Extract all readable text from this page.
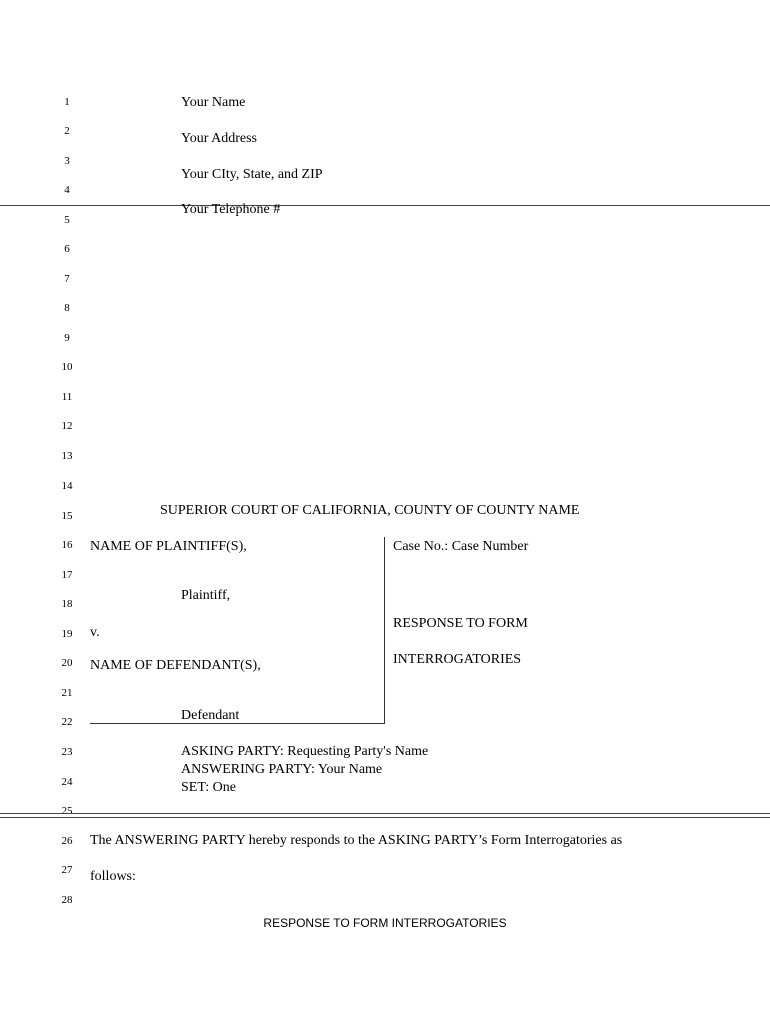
1
2
3
4
5
6
7
8
9
10
11
12
13
14
15
16
17
18
19
20
21
22
23
24
25
26
27
28
Your Name
Your Address
Your CIty, State, and ZIP
Your Telephone #
SUPERIOR COURT OF CALIFORNIA, COUNTY OF COUNTY NAME
NAME OF PLAINTIFF(S),
Plaintiff,
v.
NAME OF DEFENDANT(S),
Defendant
Case No.: Case Number
RESPONSE TO FORM
INTERROGATORIES
ASKING PARTY: Requesting Party's Name
ANSWERING PARTY: Your Name
SET: One
The ANSWERING PARTY hereby responds to the ASKING PARTY’s Form Interrogatories as
follows:
RESPONSE TO FORM INTERROGATORIES
